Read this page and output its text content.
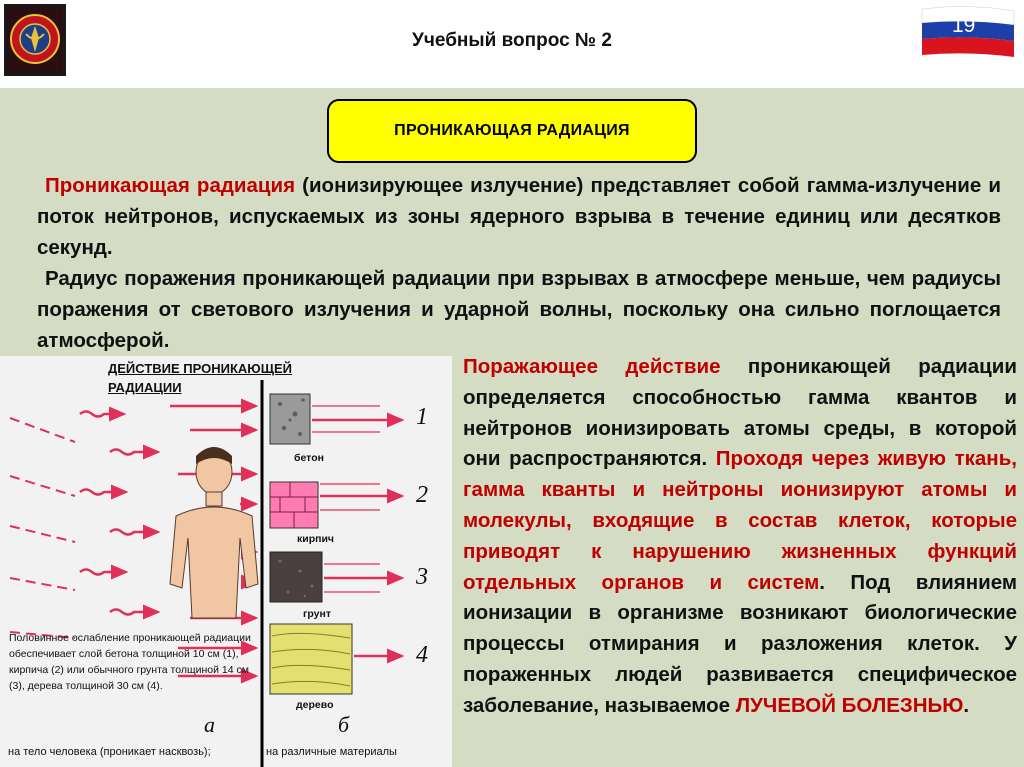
Учебный вопрос № 2
19
ПРОНИКАЮЩАЯ РАДИАЦИЯ

Проникающая радиация (ионизирующее излучение) представляет собой гамма-излучение и поток нейтронов, испускаемых из зоны ядерного взрыва в течение единиц или десятков секунд.

Радиус поражения проникающей радиации при взрывах в атмосфере меньше, чем радиусы поражения от светового излучения и ударной волны, поскольку она сильно поглощается атмосферой.

ДЕЙСТВИЕ ПРОНИКАЮЩЕЙ
РАДИАЦИИ
бетон
кирпич
грунт
дерево
1
2
3
4
а	б
Половинное ослабление проникающей радиации обеспечивает слой бетона толщиной 10 см (1), кирпича (2) или обычного грунта толщиной 14 см (3), дерева толщиной 30 см (4).
на тело человека (проникает насквозь);	на различные материалы
Поражающее действие проникающей радиации определяется способностью гамма квантов и нейтронов ионизировать атомы среды, в которой они распространяются. Проходя через живую ткань, гамма кванты и нейтроны ионизируют атомы и молекулы, входящие в состав клеток, которые приводят к нарушению жизненных функций отдельных органов и систем. Под влиянием ионизации в организме возникают биологические процессы отмирания и разложения клеток. У пораженных людей развивается специфическое заболевание, называемое ЛУЧЕВОЙ БОЛЕЗНЬЮ.
